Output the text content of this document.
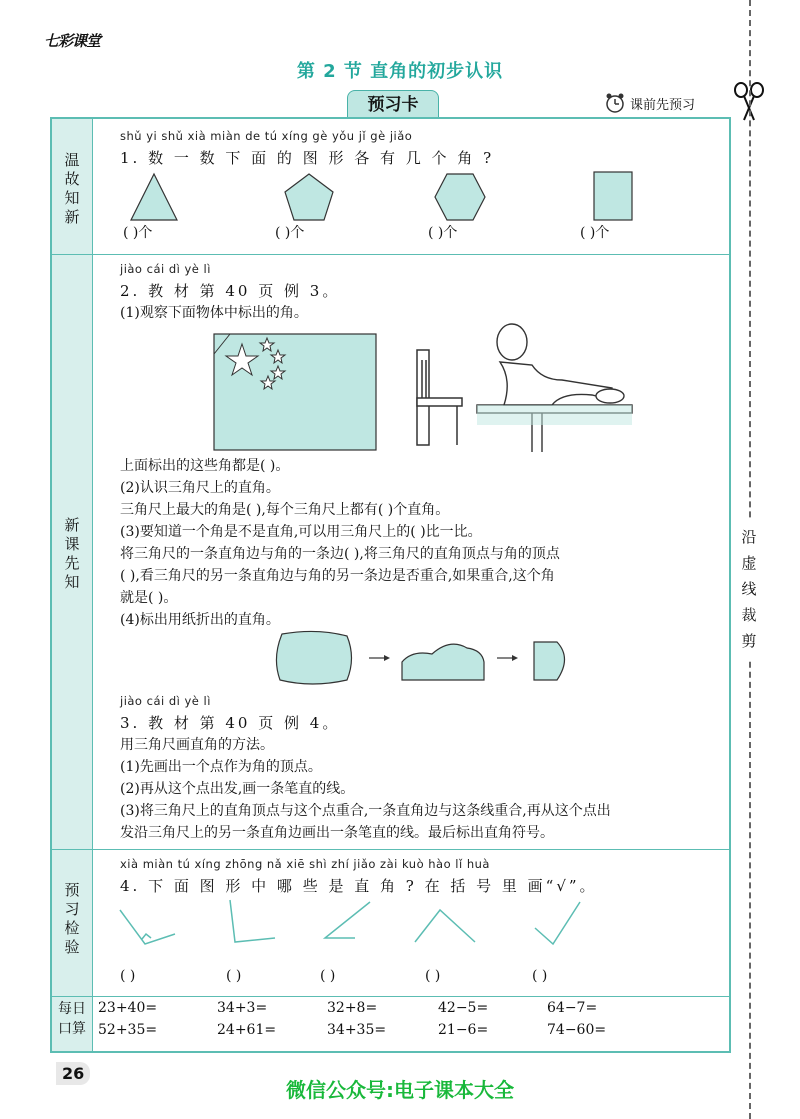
七彩课堂
第 2 节 直角的初步认识
预习卡	课前先预习
沿
虚
线
裁
剪
温
故
知
新
新
课
先
知
预
习
检
验
每日
口算
shǔ yi shǔ xià miàn de tú xíng gè yǒu jǐ gè jiǎo
1. 数 一 数 下 面 的 图 形 各 有 几 个 角 ?
( )个	( )个	( )个	( )个
jiào cái dì yè lì
2. 教 材 第 40 页 例 3。
(1)观察下面物体中标出的角。
上面标出的这些角都是( )。
(2)认识三角尺上的直角。
三角尺上最大的角是( ),每个三角尺上都有( )个直角。
(3)要知道一个角是不是直角,可以用三角尺上的( )比一比。
将三角尺的一条直角边与角的一条边( ),将三角尺的直角顶点与角的顶点
( ),看三角尺的另一条直角边与角的另一条边是否重合,如果重合,这个角
就是( )。
(4)标出用纸折出的直角。
jiào cái dì yè lì
3. 教 材 第 40 页 例 4。
用三角尺画直角的方法。
(1)先画出一个点作为角的顶点。
(2)再从这个点出发,画一条笔直的线。
(3)将三角尺上的直角顶点与这个点重合,一条直角边与这条线重合,再从这个点出
发沿三角尺上的另一条直角边画出一条笔直的线。最后标出直角符号。
xià miàn tú xíng zhōng nǎ xiē shì zhí jiǎo zài kuò hào lǐ huà
4. 下 面 图 形 中 哪 些 是 直 角 ? 在 括 号 里 画“√”。
( )	( )	( )	( )	( )
23+40=	34+3=	32+8=	42−5=	64−7=
52+35=	24+61=	34+35=	21−6=	74−60=
26
微信公众号:电子课本大全
